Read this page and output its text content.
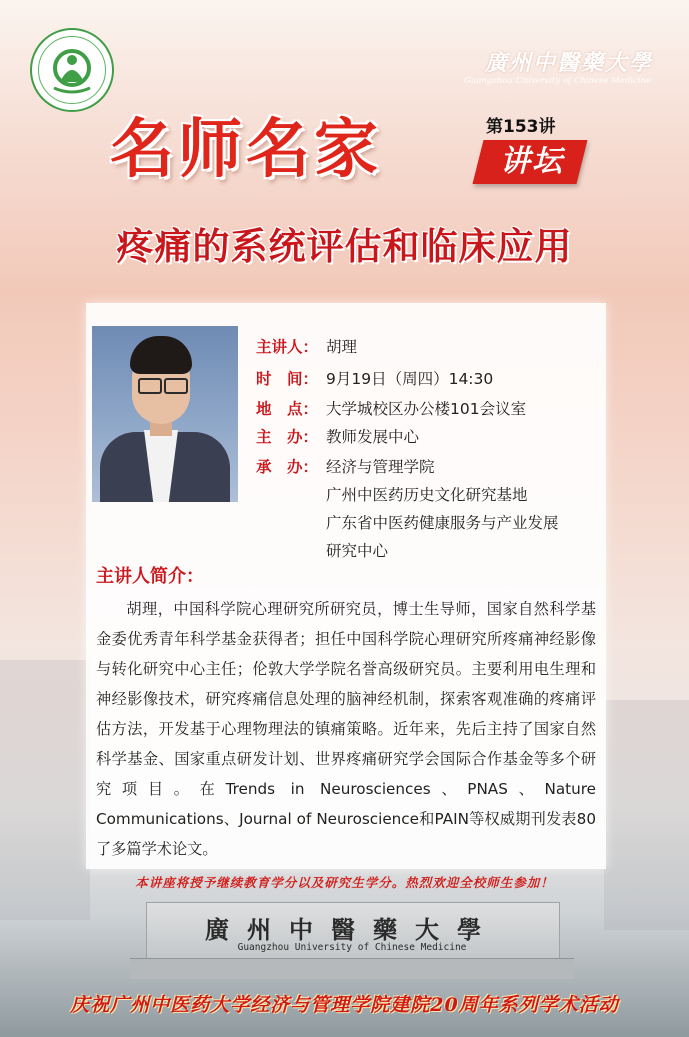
廣州中醫藥大學
Guangzhou University of Chinese Medicine
名师名家	第153讲
讲坛
疼痛的系统评估和临床应用
主讲人： 胡理
时　间： 9月19日（周四）14:30
地　点： 大学城校区办公楼101会议室
主　办： 教师发展中心
承　办： 经济与管理学院
广州中医药历史文化研究基地
广东省中医药健康服务与产业发展
研究中心
主讲人简介：

胡理，中国科学院心理研究所研究员，博士生导师，国家自然科学基金委优秀青年科学基金获得者；担任中国科学院心理研究所疼痛神经影像与转化研究中心主任；伦敦大学学院名誉高级研究员。主要利用电生理和神经影像技术，研究疼痛信息处理的脑神经机制，探索客观准确的疼痛评估方法，开发基于心理物理法的镇痛策略。近年来，先后主持了国家自然科学基金、国家重点研发计划、世界疼痛研究学会国际合作基金等多个研究项目。在Trends in Neurosciences、PNAS、Nature Communications、Journal of Neuroscience和PAIN等权威期刊发表80了多篇学术论文。

本讲座将授予继续教育学分以及研究生学分。热烈欢迎全校师生参加！
廣州中醫藥大學
Guangzhou University of Chinese Medicine
庆祝广州中医药大学经济与管理学院建院20周年系列学术活动
